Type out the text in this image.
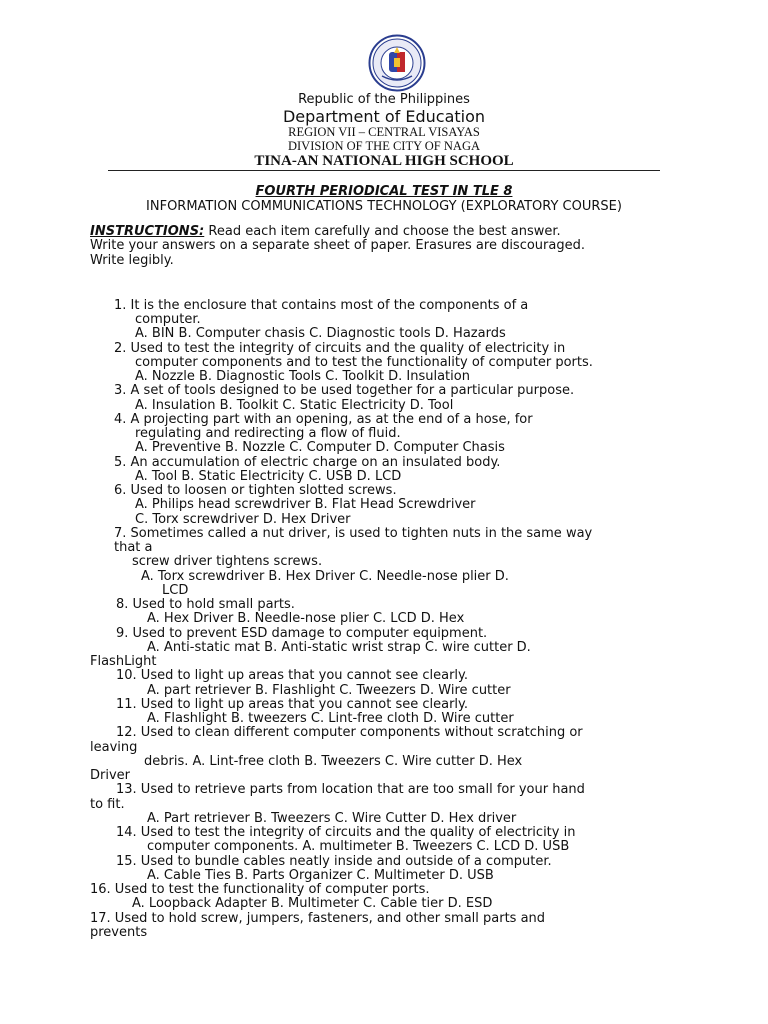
Republic of the Philippines
Department of Education
REGION VII – CENTRAL VISAYAS
DIVISION OF THE CITY OF NAGA
TINA-AN NATIONAL HIGH SCHOOL
FOURTH PERIODICAL TEST IN TLE 8
INFORMATION COMMUNICATIONS TECHNOLOGY (EXPLORATORY COURSE)
INSTRUCTIONS: Read each item carefully and choose the best answer.
Write your answers on a separate sheet of paper. Erasures are discouraged.
Write legibly.
1. It is the enclosure that contains most of the components of a
computer.
A. BIN B. Computer chasis C. Diagnostic tools D. Hazards
2. Used to test the integrity of circuits and the quality of electricity in
computer components and to test the functionality of computer ports.
A. Nozzle B. Diagnostic Tools C. Toolkit D. Insulation
3. A set of tools designed to be used together for a particular purpose.
A. Insulation B. Toolkit C. Static Electricity D. Tool
4. A projecting part with an opening, as at the end of a hose, for
regulating and redirecting a flow of fluid.
A. Preventive B. Nozzle C. Computer D. Computer Chasis
5. An accumulation of electric charge on an insulated body.
A. Tool B. Static Electricity C. USB D. LCD
6. Used to loosen or tighten slotted screws.
A. Philips head screwdriver B. Flat Head Screwdriver
C. Torx screwdriver D. Hex Driver
7. Sometimes called a nut driver, is used to tighten nuts in the same way
that a
screw driver tightens screws.
A. Torx screwdriver B. Hex Driver C. Needle-nose plier D.
LCD
8. Used to hold small parts.
A. Hex Driver B. Needle-nose plier C. LCD D. Hex
9. Used to prevent ESD damage to computer equipment.
A. Anti-static mat B. Anti-static wrist strap C. wire cutter D.
FlashLight
10. Used to light up areas that you cannot see clearly.
A. part retriever B. Flashlight C. Tweezers D. Wire cutter
11. Used to light up areas that you cannot see clearly.
A. Flashlight B. tweezers C. Lint-free cloth D. Wire cutter
12. Used to clean different computer components without scratching or
leaving
debris. A. Lint-free cloth B. Tweezers C. Wire cutter D. Hex
Driver
13. Used to retrieve parts from location that are too small for your hand
to fit.
A. Part retriever B. Tweezers C. Wire Cutter D. Hex driver
14. Used to test the integrity of circuits and the quality of electricity in
computer components. A. multimeter B. Tweezers C. LCD D. USB
15. Used to bundle cables neatly inside and outside of a computer.
A. Cable Ties B. Parts Organizer C. Multimeter D. USB
16. Used to test the functionality of computer ports.
A. Loopback Adapter B. Multimeter C. Cable tier D. ESD
17. Used to hold screw, jumpers, fasteners, and other small parts and
prevents
